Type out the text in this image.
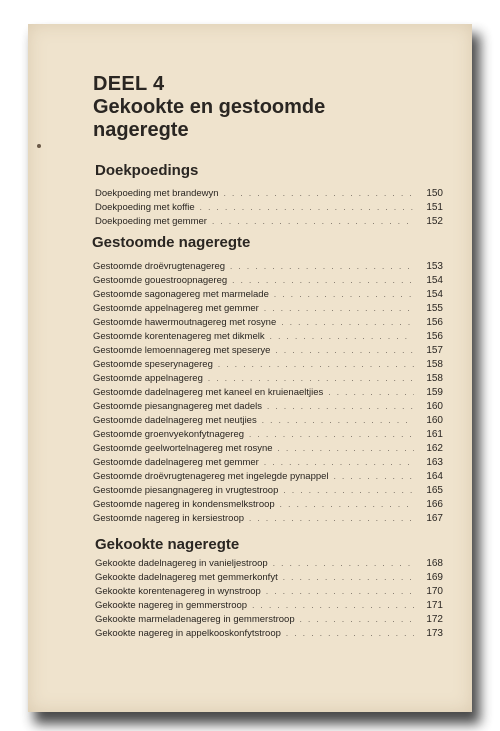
DEEL 4
Gekookte en gestoomde nageregte
Doekpoedings
Doekpoeding met brandewyn . . .	150
Doekpoeding met koffie . . .	151
Doekpoeding met gemmer . . .	152
Gestoomde nageregte
Gestoomde droëvrugtenagereg . . .	153
Gestoomde gouestroopnagereg . . .	154
Gestoomde sagonagereg met marmelade . . .	154
Gestoomde appelnagereg met gemmer . . .	155
Gestoomde hawermoutnagereg met rosyne . . .	156
Gestoomde korentenagereg met dikmelk . . .	156
Gestoomde lemoennagereg met speserye . . .	157
Gestoomde speserynagereg . . .	158
Gestoomde appelnagereg . . .	158
Gestoomde dadelnagereg met kaneel en kruienaeltjies . . .	159
Gestoomde piesangnagereg met dadels . . .	160
Gestoomde dadelnagereg met neutjies . . .	160
Gestoomde groenvyekonfytnagereg . . .	161
Gestoomde geelwortelnagereg met rosyne . . .	162
Gestoomde dadelnagereg met gemmer . . .	163
Gestoomde droëvrugtenagereg met ingelegde pynappel . . .	164
Gestoomde piesangnagereg in vrugtestroop . . .	165
Gestoomde nagereg in kondensmelkstroop . . .	166
Gestoomde nagereg in kersiestroop . . .	167
Gekookte nageregte
Gekookte dadelnagereg in vanieljestroop . . .	168
Gekookte dadelnagereg met gemmerkonfyt . . .	169
Gekookte korentenagereg in wynstroop . . .	170
Gekookte nagereg in gemmerstroop . . .	171
Gekookte marmeladenagereg in gemmerstroop . . .	172
Gekookte nagereg in appelkooskonfytstroop . . .	173
